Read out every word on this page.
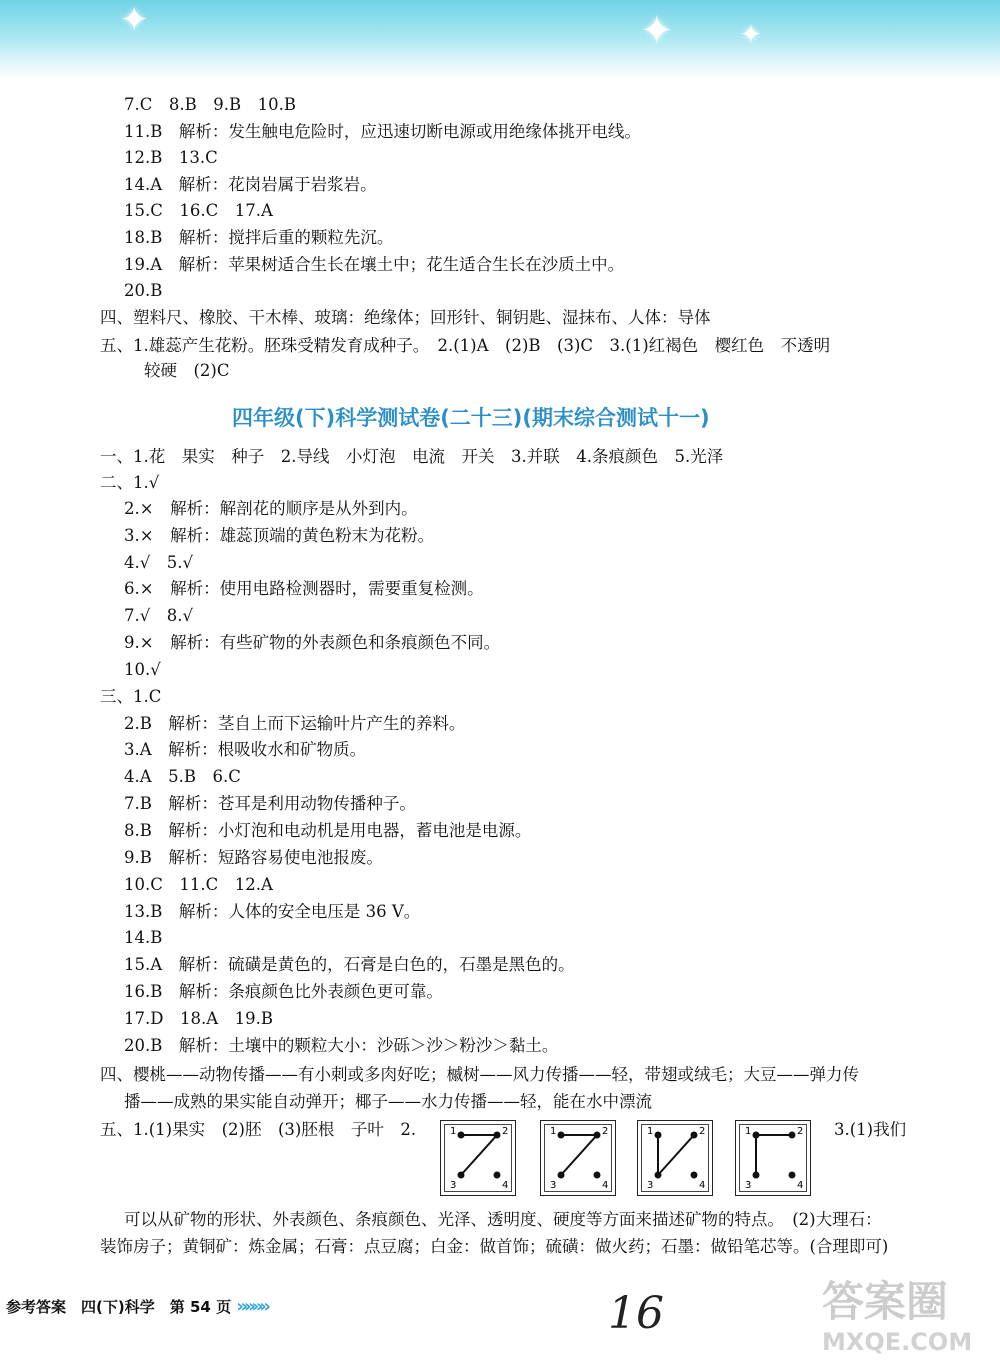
✦	✦	✦
7.C　8.B　9.B　10.B
11.B　解析：发生触电危险时，应迅速切断电源或用绝缘体挑开电线。
12.B　13.C
14.A　解析：花岗岩属于岩浆岩。
15.C　16.C　17.A
18.B　解析：搅拌后重的颗粒先沉。
19.A　解析：苹果树适合生长在壤土中；花生适合生长在沙质土中。
20.B
四、塑料尺、橡胶、干木棒、玻璃：绝缘体；回形针、铜钥匙、湿抹布、人体：导体
五、1.雄蕊产生花粉。胚珠受精发育成种子。　2.(1)A　(2)B　(3)C　3.(1)红褐色　樱红色　不透明
较硬　(2)C
四年级(下)科学测试卷(二十三)(期末综合测试十一)
一、1.花　果实　种子　2.导线　小灯泡　电流　开关　3.并联　4.条痕颜色　5.光泽
二、1.√
2.×　解析：解剖花的顺序是从外到内。
3.×　解析：雄蕊顶端的黄色粉末为花粉。
4.√　5.√
6.×　解析：使用电路检测器时，需要重复检测。
7.√　8.√
9.×　解析：有些矿物的外表颜色和条痕颜色不同。
10.√
三、1.C
2.B　解析：茎自上而下运输叶片产生的养料。
3.A　解析：根吸收水和矿物质。
4.A　5.B　6.C
7.B　解析：苍耳是利用动物传播种子。
8.B　解析：小灯泡和电动机是用电器，蓄电池是电源。
9.B　解析：短路容易使电池报废。
10.C　11.C　12.A
13.B　解析：人体的安全电压是 36 V。
14.B
15.A　解析：硫磺是黄色的，石膏是白色的，石墨是黑色的。
16.B　解析：条痕颜色比外表颜色更可靠。
17.D　18.A　19.B
20.B　解析：土壤中的颗粒大小：沙砾＞沙＞粉沙＞黏土。
四、樱桃——动物传播——有小刺或多肉好吃；槭树——风力传播——轻，带翅或绒毛；大豆——弹力传
播——成熟的果实能自动弹开；椰子——水力传播——轻，能在水中漂流
五、1.(1)果实　(2)胚　(3)胚根　子叶　2.	3.(1)我们
1	2
3	4
1	2
3	4
1	2
3	4
1	2
3	4
可以从矿物的形状、外表颜色、条痕颜色、光泽、透明度、硬度等方面来描述矿物的特点。　(2)大理石：
装饰房子；黄铜矿：炼金属；石膏：点豆腐；白金：做首饰；硫磺：做火药；石墨：做铅笔芯等。(合理即可)
参考答案　四(下)科学　第 54 页 »»»»	16	答案圈
MXQE.COM
